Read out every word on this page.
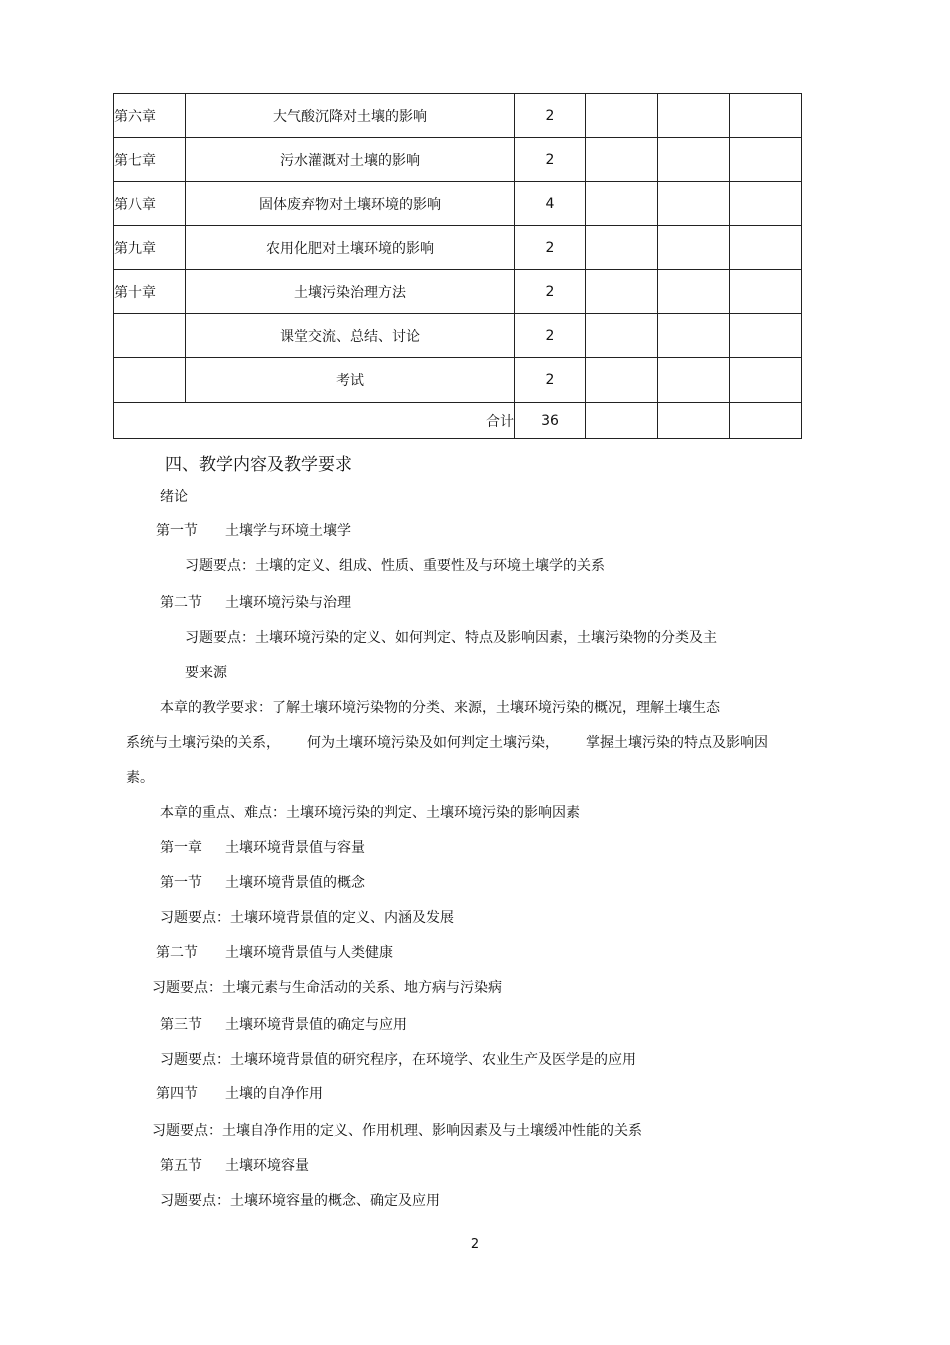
第六章	大气酸沉降对土壤的影响	2			
第七章	污水灌溉对土壤的影响	2			
第八章	固体废弃物对土壤环境的影响	4			
第九章	农用化肥对土壤环境的影响	2			
第十章	土壤污染治理方法	2			
	课堂交流、总结、讨论	2			
	考试	2			
合计		36			
四、教学内容及教学要求
绪论
第一节 土壤学与环境土壤学
习题要点：土壤的定义、组成、性质、重要性及与环境土壤学的关系
第二节 土壤环境污染与治理
习题要点：土壤环境污染的定义、如何判定、特点及影响因素，土壤污染物的分类及主
要来源
本章的教学要求：了解土壤环境污染物的分类、来源，土壤环境污染的概况，理解土壤生态
系统与土壤污染的关系， 何为土壤环境污染及如何判定土壤污染， 掌握土壤污染的特点及影响因
素。
本章的重点、难点：土壤环境污染的判定、土壤环境污染的影响因素
第一章 土壤环境背景值与容量
第一节 土壤环境背景值的概念
习题要点：土壤环境背景值的定义、内涵及发展
第二节 土壤环境背景值与人类健康
习题要点：土壤元素与生命活动的关系、地方病与污染病
第三节 土壤环境背景值的确定与应用
习题要点：土壤环境背景值的研究程序，在环境学、农业生产及医学是的应用
第四节 土壤的自净作用
习题要点：土壤自净作用的定义、作用机理、影响因素及与土壤缓冲性能的关系
第五节 土壤环境容量
习题要点：土壤环境容量的概念、确定及应用
2
